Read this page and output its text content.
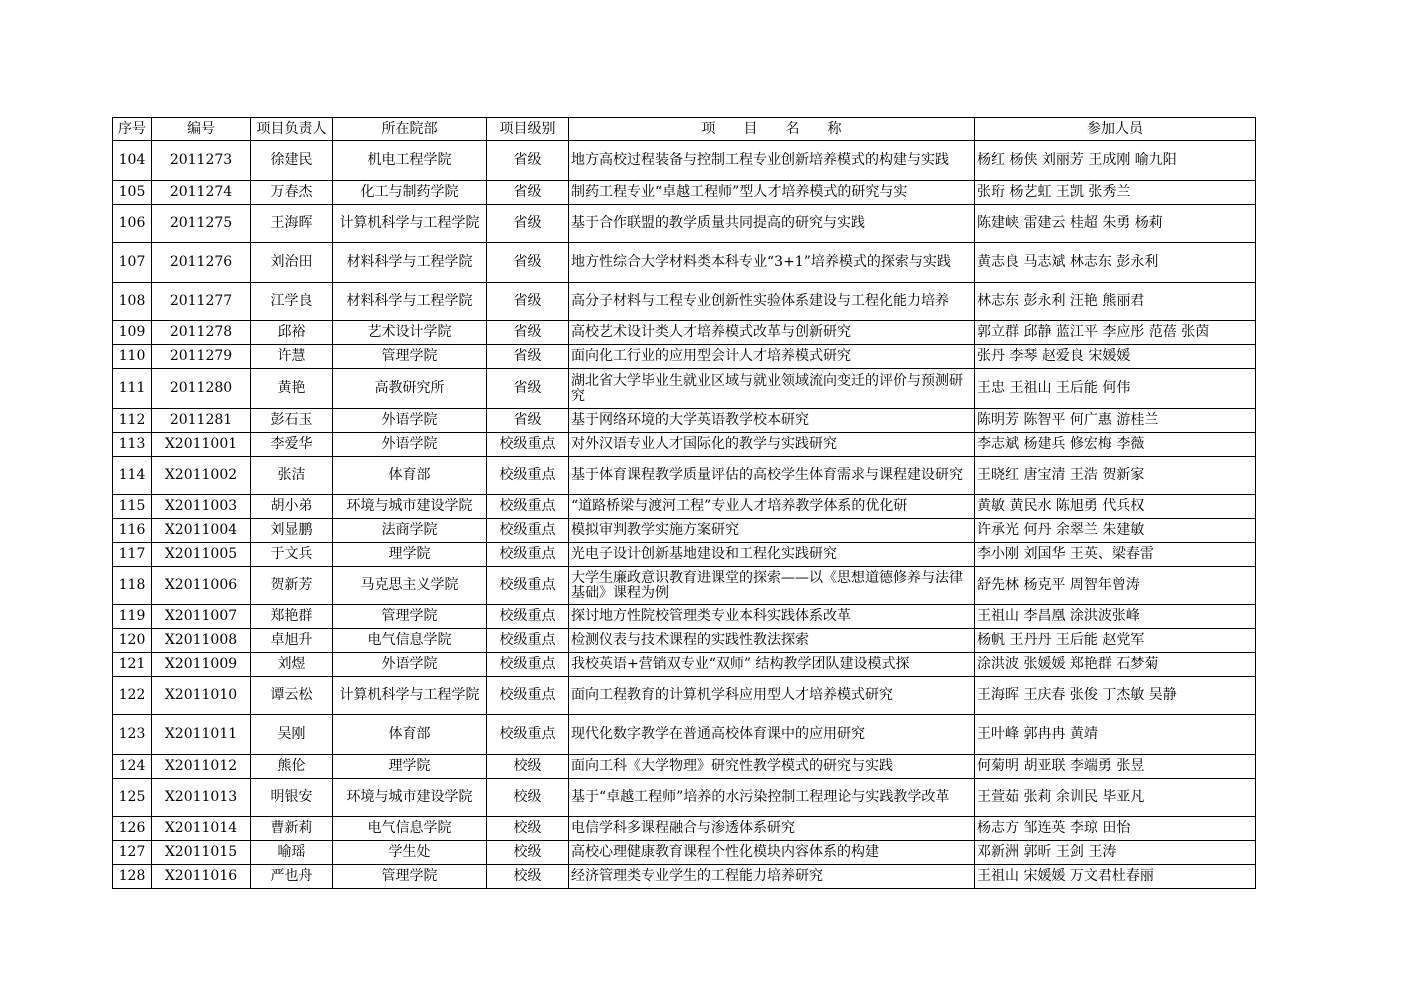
序号	编号	项目负责人	所在院部	项目级别	项　　目　　名　　称	参加人员
104	2011273	徐建民	机电工程学院	省级	地方高校过程装备与控制工程专业创新培养模式的构建与实践	杨红 杨侠 刘丽芳 王成刚 喻九阳
105	2011274	万春杰	化工与制药学院	省级	制药工程专业“卓越工程师”型人才培养模式的研究与实	张珩 杨艺虹 王凯 张秀兰
106	2011275	王海晖	计算机科学与工程学院	省级	基于合作联盟的教学质量共同提高的研究与实践	陈建峡 雷建云 桂超 朱勇 杨莉
107	2011276	刘治田	材料科学与工程学院	省级	地方性综合大学材料类本科专业“3+1”培养模式的探索与实践	黄志良 马志斌 林志东 彭永利
108	2011277	江学良	材料科学与工程学院	省级	高分子材料与工程专业创新性实验体系建设与工程化能力培养	林志东 彭永利 汪艳 熊丽君
109	2011278	邱裕	艺术设计学院	省级	高校艺术设计类人才培养模式改革与创新研究	郭立群 邱静 蓝江平 李应彤 范蓓 张茵
110	2011279	许慧	管理学院	省级	面向化工行业的应用型会计人才培养模式研究	张丹 李琴 赵爱良 宋媛媛
111	2011280	黄艳	高教研究所	省级	湖北省大学毕业生就业区域与就业领域流向变迁的评价与预测研究	王忠 王祖山 王后能 何伟
112	2011281	彭石玉	外语学院	省级	基于网络环境的大学英语教学校本研究	陈明芳 陈智平 何广惠 游桂兰
113	X2011001	李爱华	外语学院	校级重点	对外汉语专业人才国际化的教学与实践研究	李志斌 杨建兵 修宏梅 李薇
114	X2011002	张洁	体育部	校级重点	基于体育课程教学质量评估的高校学生体育需求与课程建设研究	王晓红 唐宝清 王浩 贺新家
115	X2011003	胡小弟	环境与城市建设学院	校级重点	“道路桥梁与渡河工程”专业人才培养教学体系的优化研	黄敏 黄民水 陈旭勇 代兵权
116	X2011004	刘显鹏	法商学院	校级重点	模拟审判教学实施方案研究	许承光 何丹 余翠兰 朱建敏
117	X2011005	于文兵	理学院	校级重点	光电子设计创新基地建设和工程化实践研究	李小刚 刘国华 王英、梁春雷
118	X2011006	贺新芳	马克思主义学院	校级重点	大学生廉政意识教育进课堂的探索——以《思想道德修养与法律基础》课程为例	舒先林 杨克平 周智年曾涛
119	X2011007	郑艳群	管理学院	校级重点	探讨地方性院校管理类专业本科实践体系改革	王祖山 李昌凰 涂洪波张峰
120	X2011008	卓旭升	电气信息学院	校级重点	检测仪表与技术课程的实践性教法探索	杨帆 王丹丹 王后能 赵党军
121	X2011009	刘煜	外语学院	校级重点	我校英语+营销双专业“双师” 结构教学团队建设模式探	涂洪波 张媛媛 郑艳群 石梦菊
122	X2011010	谭云松	计算机科学与工程学院	校级重点	面向工程教育的计算机学科应用型人才培养模式研究	王海晖 王庆春 张俊 丁杰敏 吴静
123	X2011011	吴刚	体育部	校级重点	现代化数字教学在普通高校体育课中的应用研究	王叶峰 郭冉冉 黄靖
124	X2011012	熊伦	理学院	校级	面向工科《大学物理》研究性教学模式的研究与实践	何菊明 胡亚联 李端勇 张昱
125	X2011013	明银安	环境与城市建设学院	校级	基于“卓越工程师”培养的水污染控制工程理论与实践教学改革	王萱茹 张莉 余训民 毕亚凡
126	X2011014	曹新莉	电气信息学院	校级	电信学科多课程融合与渗透体系研究	杨志方 邹连英 李琼 田怡
127	X2011015	喻瑶	学生处	校级	高校心理健康教育课程个性化模块内容体系的构建	邓新洲 郭昕 王剑 王涛
128	X2011016	严也舟	管理学院	校级	经济管理类专业学生的工程能力培养研究	王祖山 宋媛媛 万文君杜春丽
